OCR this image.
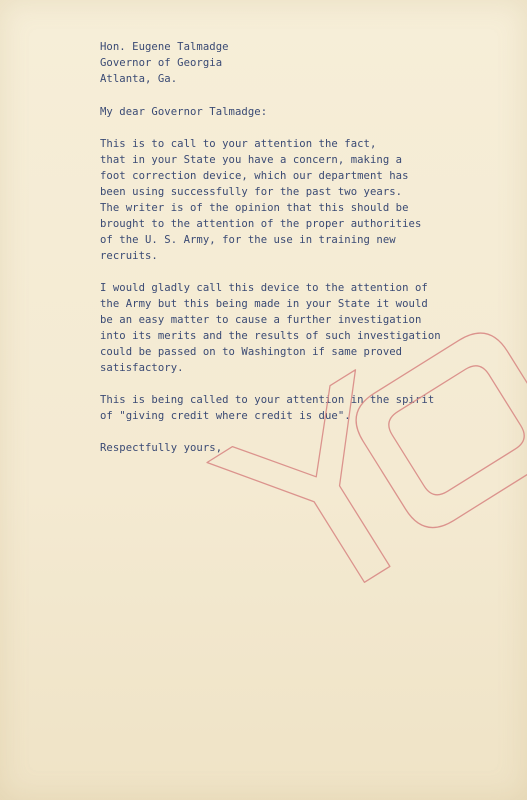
Hon. Eugene Talmadge

Governor of Georgia

Atlanta, Ga.

My dear Governor Talmadge:

This is to call to your attention the fact,

that in your State you have a concern, making a

foot correction device, which our department has

been using successfully for the past two years.

The writer is of the opinion that this should be

brought to the attention of the proper authorities

of the U. S. Army, for the use in training new

recruits.

I would gladly call this device to the attention of

the Army but this being made in your State it would

be an easy matter to cause a further investigation

into its merits and the results of such investigation

could be passed on to Washington if same proved

satisfactory.

This is being called to your attention in the spirit

of "giving credit where credit is due".

Respectfully yours,
